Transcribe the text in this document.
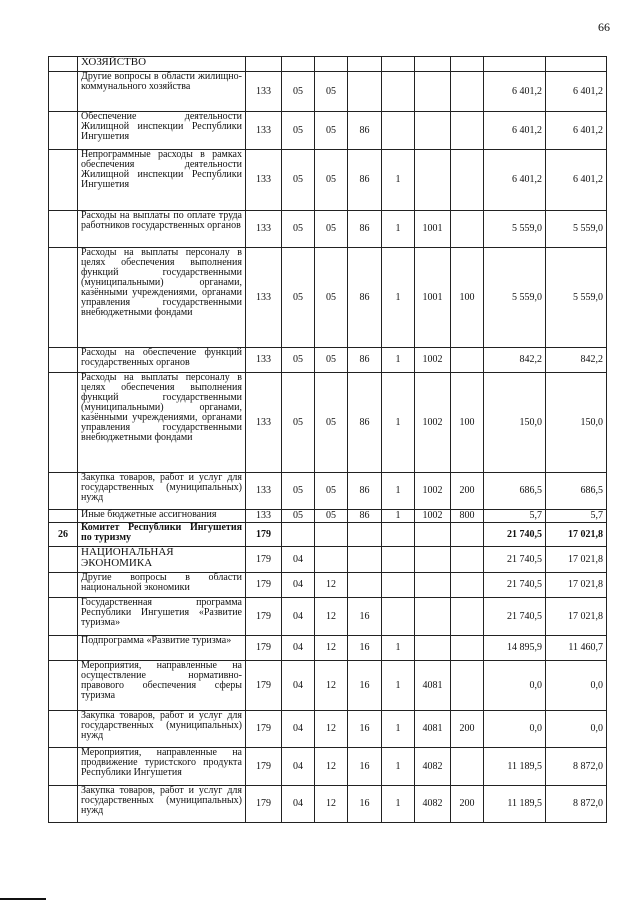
66
	ХОЗЯЙСТВО									
	Другие вопросы в области жилищно-коммунального хозяйства	133	05	05					6 401,2	6 401,2
	Обеспечение деятельности Жилищной инспекции Республики Ингушетия	133	05	05	86				6 401,2	6 401,2
	Непрограммные расходы в рамках обеспечения деятельности Жилищной инспекции Республики Ингушетия	133	05	05	86	1			6 401,2	6 401,2
	Расходы на выплаты по оплате труда работников государственных органов	133	05	05	86	1	1001		5 559,0	5 559,0
	Расходы на выплаты персоналу в целях обеспечения выполнения функций государственными (муниципальными) органами, казёнными учреждениями, органами управления государственными внебюджетными фондами	133	05	05	86	1	1001	100	5 559,0	5 559,0
	Расходы на обеспечение функций государственных органов	133	05	05	86	1	1002		842,2	842,2
	Расходы на выплаты персоналу в целях обеспечения выполнения функций государственными (муниципальными) органами, казёнными учреждениями, органами управления государственными внебюджетными фондами	133	05	05	86	1	1002	100	150,0	150,0
	Закупка товаров, работ и услуг для государственных (муниципальных) нужд	133	05	05	86	1	1002	200	686,5	686,5
	Иные бюджетные ассигнования	133	05	05	86	1	1002	800	5,7	5,7
26	Комитет Республики Ингушетия по туризму	179							21 740,5	17 021,8
	НАЦИОНАЛЬНАЯ ЭКОНОМИКА	179	04						21 740,5	17 021,8
	Другие вопросы в области национальной экономики	179	04	12					21 740,5	17 021,8
	Государственная программа Республики Ингушетия «Развитие туризма»	179	04	12	16				21 740,5	17 021,8
	Подпрограмма «Развитие туризма»	179	04	12	16	1			14 895,9	11 460,7
	Мероприятия, направленные на осуществление нормативно-правового обеспечения сферы туризма	179	04	12	16	1	4081		0,0	0,0
	Закупка товаров, работ и услуг для государственных (муниципальных) нужд	179	04	12	16	1	4081	200	0,0	0,0
	Мероприятия, направленные на продвижение туристского продукта Республики Ингушетия	179	04	12	16	1	4082		11 189,5	8 872,0
	Закупка товаров, работ и услуг для государственных (муниципальных) нужд	179	04	12	16	1	4082	200	11 189,5	8 872,0
